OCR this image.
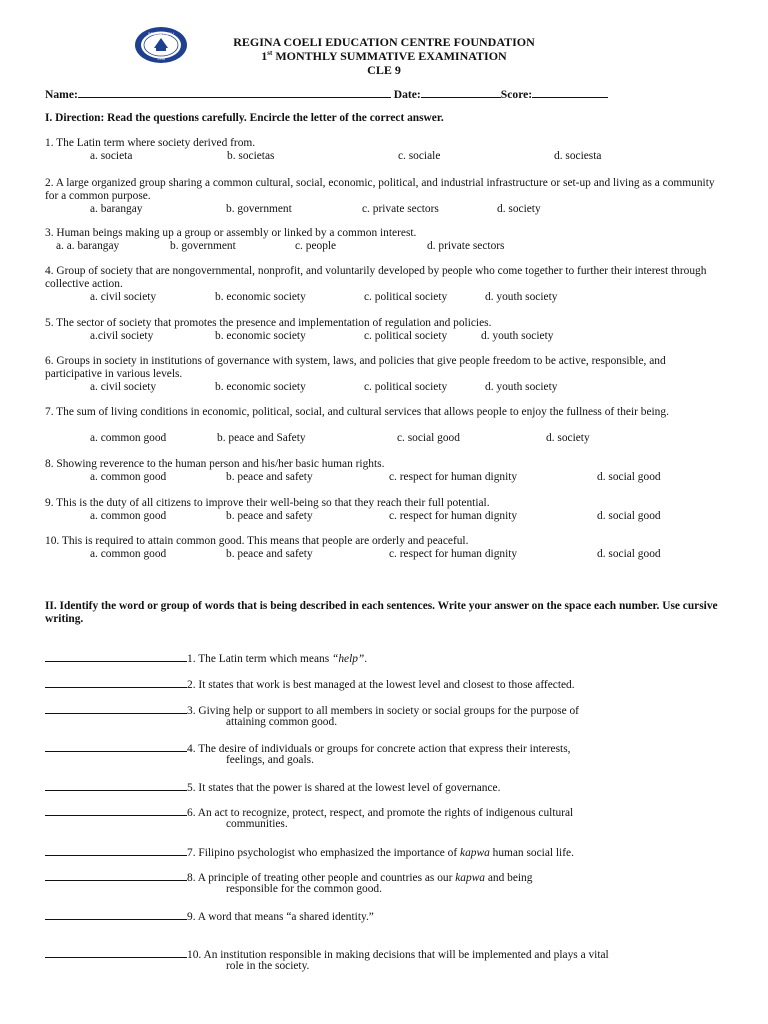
REGINA COELI
1996
REGINA COELI EDUCATION CENTRE FOUNDATION
1st MONTHLY SUMMATIVE EXAMINATION
CLE 9
Name:	Date:	Score:
I. Direction: Read the questions carefully. Encircle the letter of the correct answer.
1. The Latin term where society derived from.
a. societa	b. societas	c. sociale	d. sociesta
2. A large organized group sharing a common cultural, social, economic, political, and industrial infrastructure or set-up and living as a community for a common purpose.
a. barangay	b. government	c. private sectors	d. society
3. Human beings making up a group or assembly or linked by a common interest.
a. a. barangay	b. government	c. people	d. private sectors
4. Group of society that are nongovernmental, nonprofit, and voluntarily developed by people who come together to further their interest through collective action.
a. civil society	b. economic society	c. political society	d. youth society
5. The sector of society that promotes the presence and implementation of regulation and policies.
a.civil society	b. economic society	c. political society	d. youth society
6. Groups in society in institutions of governance with system, laws, and policies that give people freedom to be active, responsible, and participative in various levels.
a. civil society	b. economic society	c. political society	d. youth society
7. The sum of living conditions in economic, political, social, and cultural services that allows people to enjoy the fullness of their being.
a. common good	b. peace and Safety	c. social good	d. society
8. Showing reverence to the human person and his/her basic human rights.
a. common good	b. peace and safety	c. respect for human dignity	d. social good
9. This is the duty of all citizens to improve their well-being so that they reach their full potential.
a. common good	b. peace and safety	c. respect for human dignity	d. social good
10. This is required to attain common good. This means that people are orderly and peaceful.
a. common good	b. peace and safety	c. respect for human dignity	d. social good
II. Identify the word or group of words that is being described in each sentences. Write your answer on the space each number. Use cursive writing.
1. The Latin term which means “help”.
2. It states that work is best managed at the lowest level and closest to those affected.
3. Giving help or support to all members in society or social groups for the purpose of
attaining common good.
4. The desire of individuals or groups for concrete action that express their interests,
feelings, and goals.
5. It states that the power is shared at the lowest level of governance.
6. An act to recognize, protect, respect, and promote the rights of indigenous cultural
communities.
7. Filipino psychologist who emphasized the importance of kapwa human social life.
8. A principle of treating other people and countries as our kapwa and being
responsible for the common good.
9. A word that means “a shared identity.”
10. An institution responsible in making decisions that will be implemented and plays a vital
role in the society.
